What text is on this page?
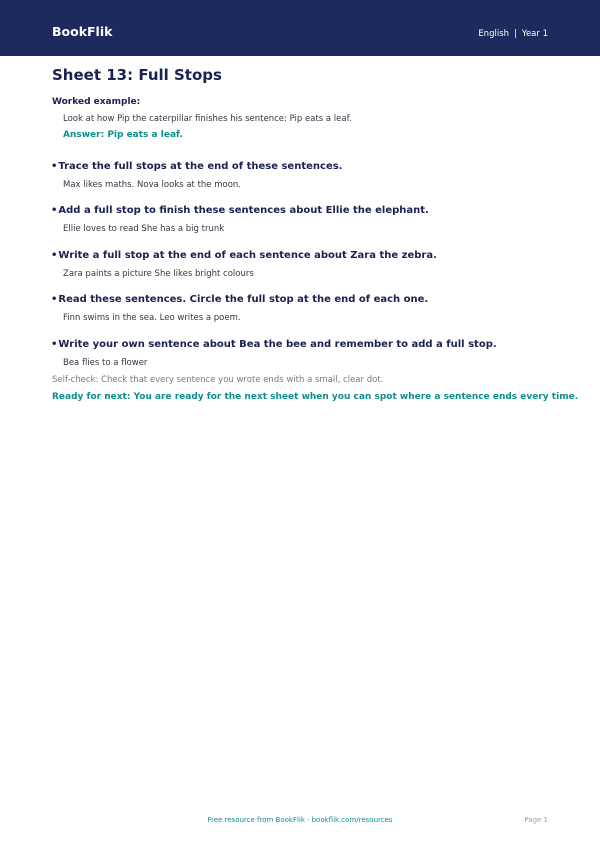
BookFlik	English | Year 1
Sheet 13: Full Stops
Worked example:
Look at how Pip the caterpillar finishes his sentence: Pip eats a leaf.
Answer: Pip eats a leaf.
•Trace the full stops at the end of these sentences.
Max likes maths. Nova looks at the moon.
•Add a full stop to finish these sentences about Ellie the elephant.
Ellie loves to read She has a big trunk
•Write a full stop at the end of each sentence about Zara the zebra.
Zara paints a picture She likes bright colours
•Read these sentences. Circle the full stop at the end of each one.
Finn swims in the sea. Leo writes a poem.
•Write your own sentence about Bea the bee and remember to add a full stop.
Bea flies to a flower
Self-check: Check that every sentence you wrote ends with a small, clear dot.
Ready for next: You are ready for the next sheet when you can spot where a sentence ends every time.
Free resource from BookFlik · bookflik.com/resources	Page 1
